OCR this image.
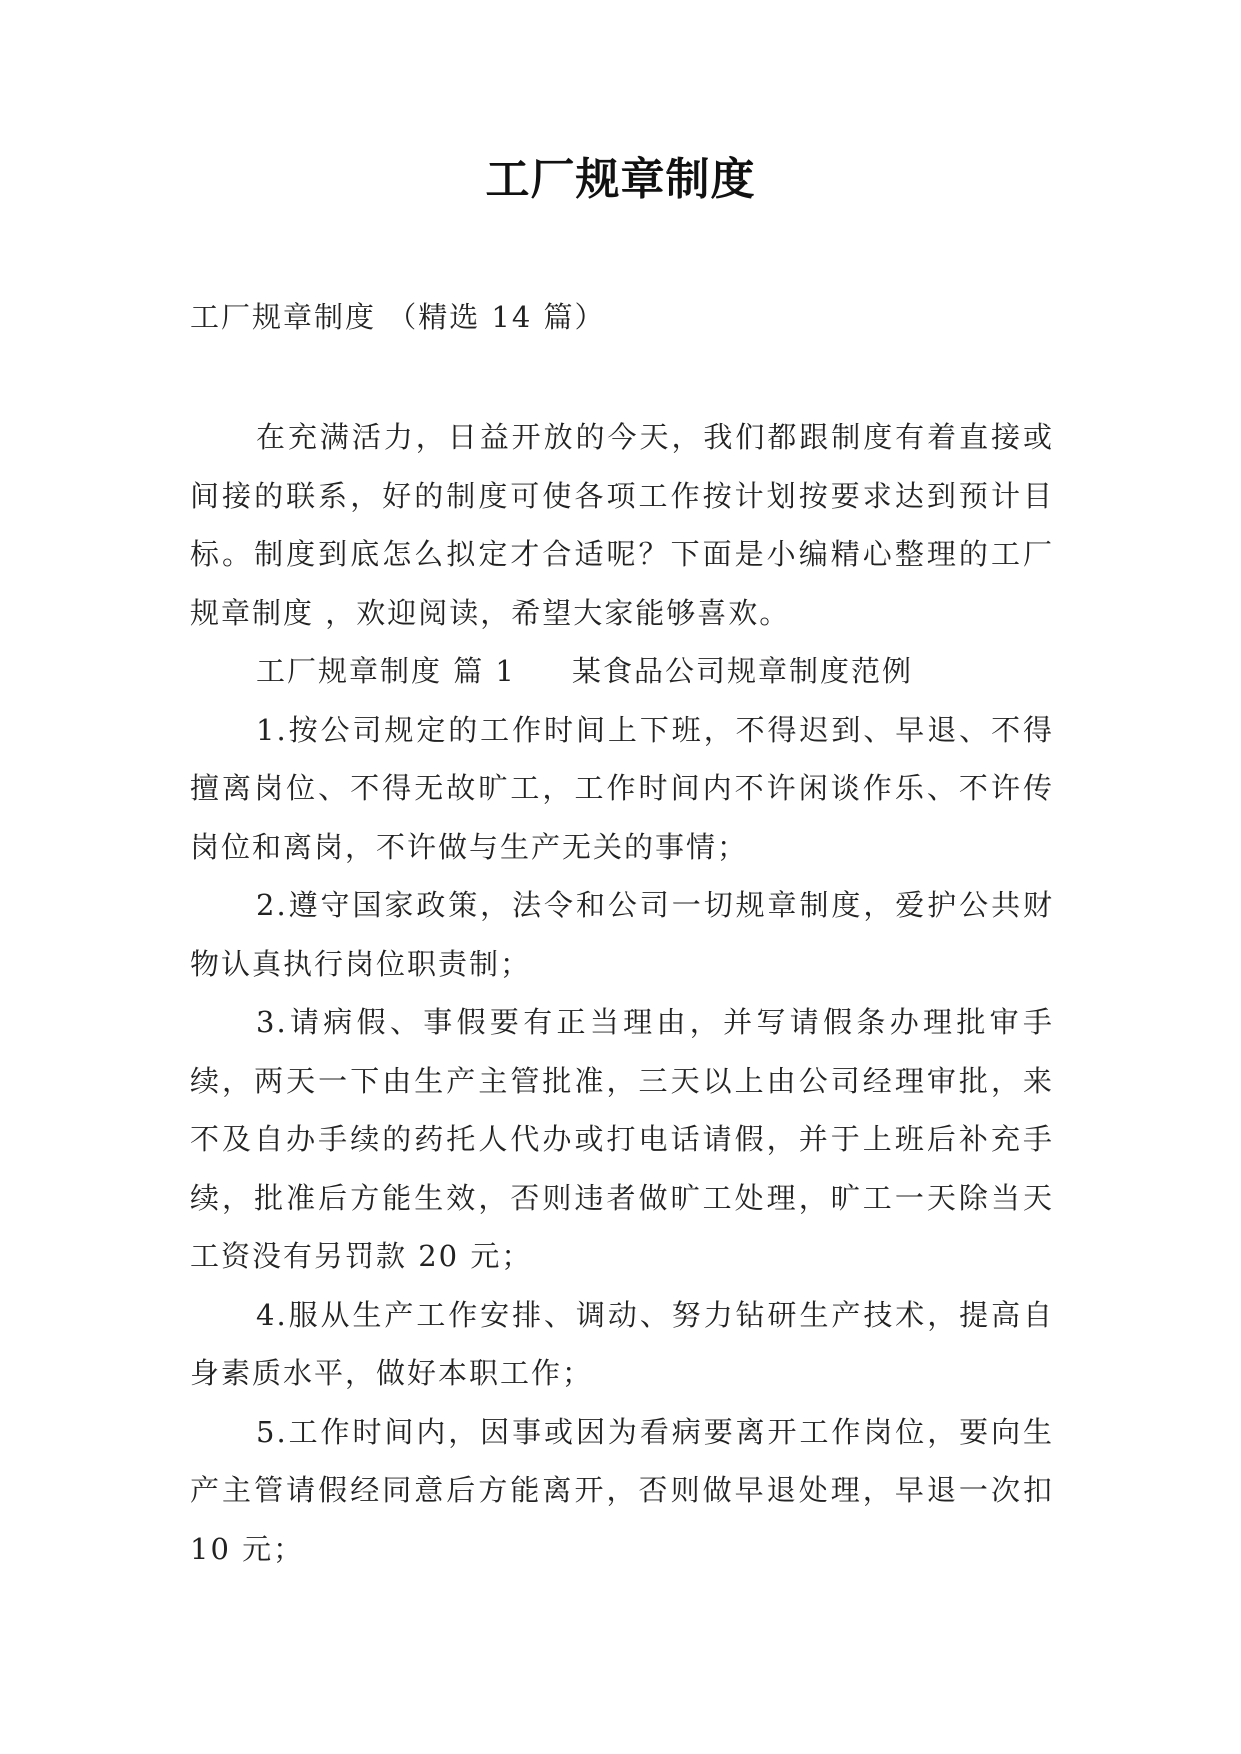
工厂规章制度
工厂规章制度 （精选 14 篇）

在充满活力，日益开放的今天，我们都跟制度有着直接或间接的联系，好的制度可使各项工作按计划按要求达到预计目标。制度到底怎么拟定才合适呢？下面是小编精心整理的工厂规章制度 ，欢迎阅读，希望大家能够喜欢。

工厂规章制度 篇 1     某食品公司规章制度范例

1.按公司规定的工作时间上下班，不得迟到、早退、不得擅离岗位、不得无故旷工，工作时间内不许闲谈作乐、不许传岗位和离岗，不许做与生产无关的事情；

2.遵守国家政策，法令和公司一切规章制度，爱护公共财物认真执行岗位职责制；

3.请病假、事假要有正当理由，并写请假条办理批审手续，两天一下由生产主管批准，三天以上由公司经理审批，来不及自办手续的药托人代办或打电话请假，并于上班后补充手续，批准后方能生效，否则违者做旷工处理，旷工一天除当天工资没有另罚款 20 元；

4.服从生产工作安排、调动、努力钻研生产技术，提高自身素质水平，做好本职工作；

5.工作时间内，因事或因为看病要离开工作岗位，要向生产主管请假经同意后方能离开，否则做早退处理，早退一次扣 10 元；
